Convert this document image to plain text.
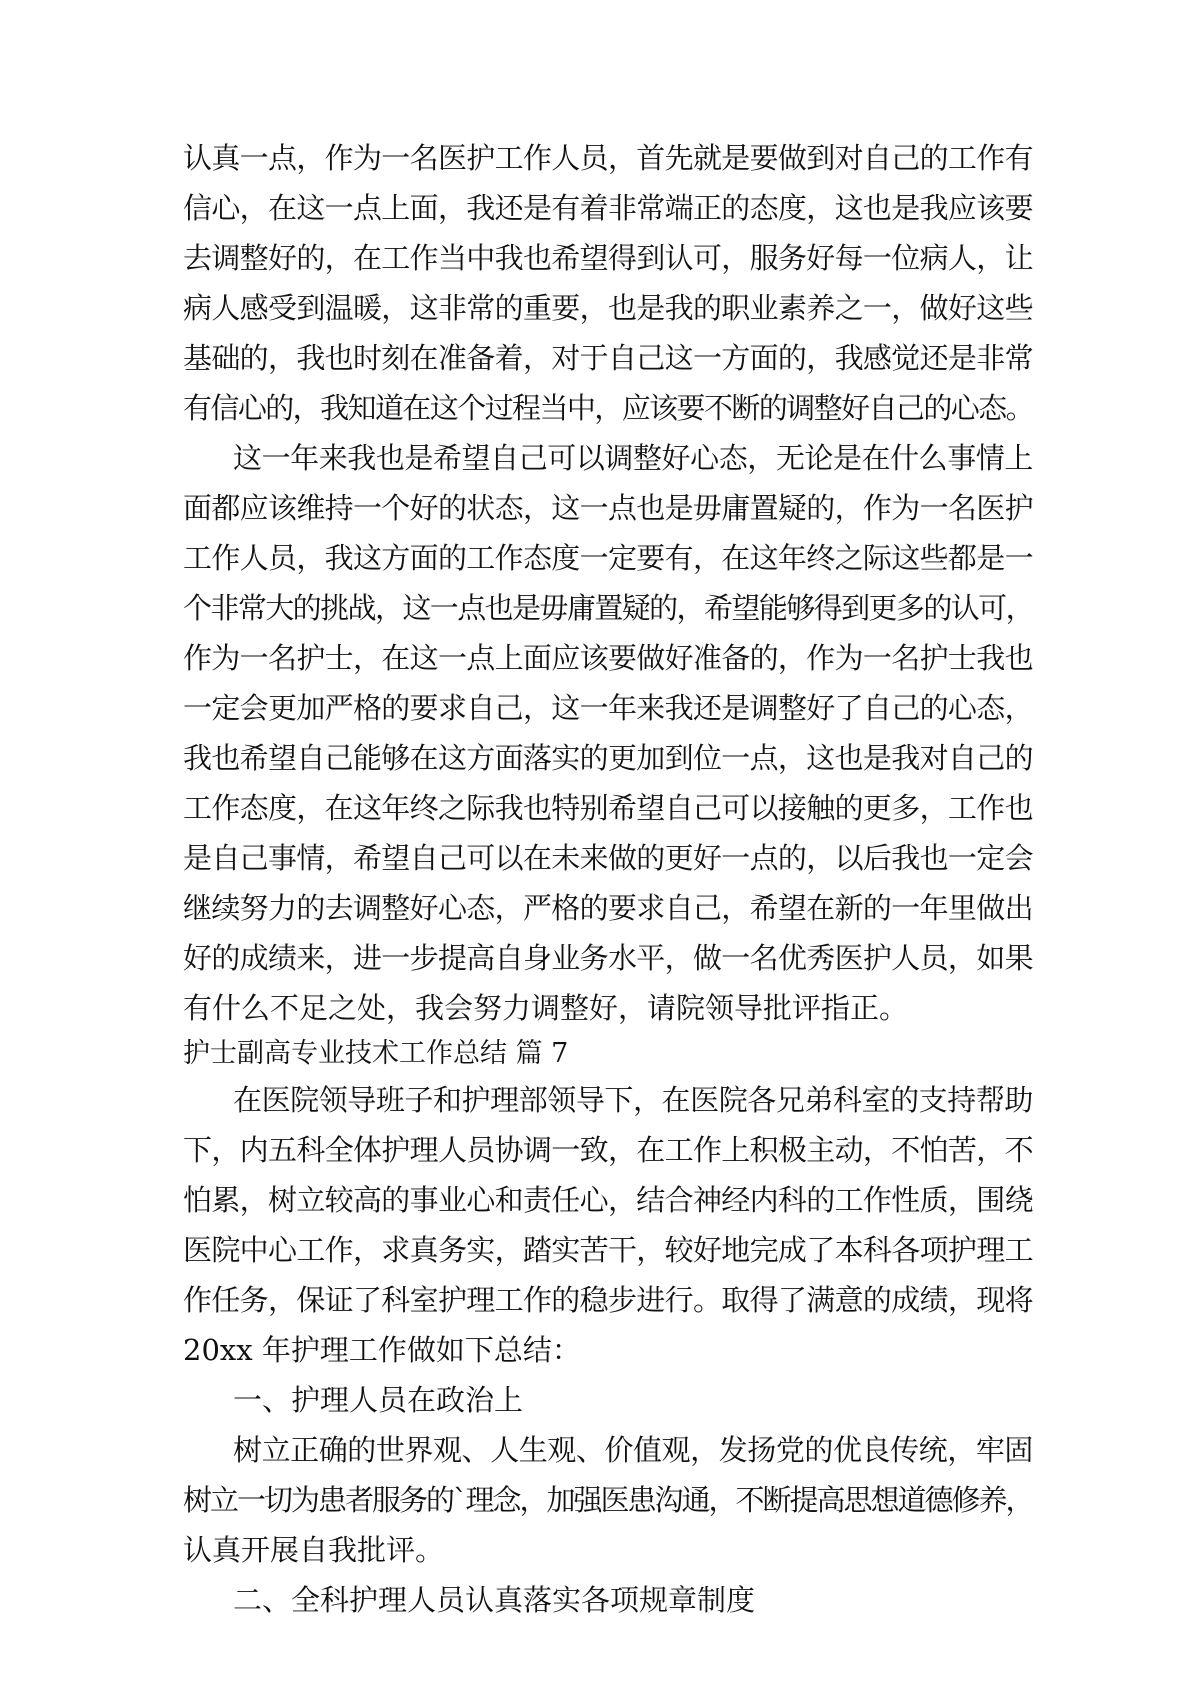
认真一点，作为一名医护工作人员，首先就是要做到对自己的工作有
信心，在这一点上面，我还是有着非常端正的态度，这也是我应该要
去调整好的，在工作当中我也希望得到认可，服务好每一位病人，让
病人感受到温暖，这非常的重要，也是我的职业素养之一，做好这些
基础的，我也时刻在准备着，对于自己这一方面的，我感觉还是非常
有信心的，我知道在这个过程当中，应该要不断的调整好自己的心态。
这一年来我也是希望自己可以调整好心态，无论是在什么事情上
面都应该维持一个好的状态，这一点也是毋庸置疑的，作为一名医护
工作人员，我这方面的工作态度一定要有，在这年终之际这些都是一
个非常大的挑战，这一点也是毋庸置疑的，希望能够得到更多的认可，
作为一名护士，在这一点上面应该要做好准备的，作为一名护士我也
一定会更加严格的要求自己，这一年来我还是调整好了自己的心态，
我也希望自己能够在这方面落实的更加到位一点，这也是我对自己的
工作态度，在这年终之际我也特别希望自己可以接触的更多，工作也
是自己事情，希望自己可以在未来做的更好一点的，以后我也一定会
继续努力的去调整好心态，严格的要求自己，希望在新的一年里做出
好的成绩来，进一步提高自身业务水平，做一名优秀医护人员，如果
有什么不足之处，我会努力调整好，请院领导批评指正。
护士副高专业技术工作总结 篇 7
在医院领导班子和护理部领导下，在医院各兄弟科室的支持帮助
下，内五科全体护理人员协调一致，在工作上积极主动，不怕苦，不
怕累，树立较高的事业心和责任心，结合神经内科的工作性质，围绕
医院中心工作，求真务实，踏实苦干，较好地完成了本科各项护理工
作任务，保证了科室护理工作的稳步进行。取得了满意的成绩，现将
20xx 年护理工作做如下总结：
一、护理人员在政治上
树立正确的世界观、人生观、价值观，发扬党的优良传统，牢固
树立一切为患者服务的`理念，加强医患沟通，不断提高思想道德修养，
认真开展自我批评。
二、全科护理人员认真落实各项规章制度
